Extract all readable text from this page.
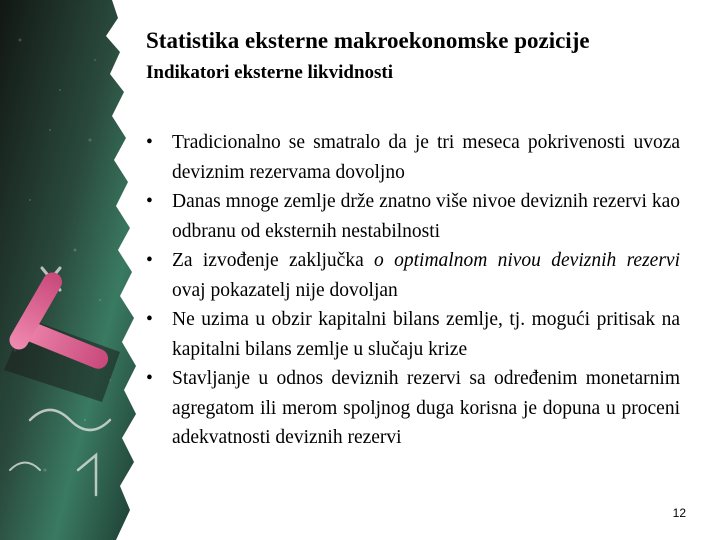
Statistika eksterne makroekonomske pozicije
Indikatori eksterne likvidnosti
• Tradicionalno se smatralo da je tri meseca pokrivenosti uvoza deviznim rezervama dovoljno
• Danas mnoge zemlje drže znatno više nivoe deviznih rezervi kao odbranu od eksternih nestabilnosti
• Za izvođenje zaključka o optimalnom nivou deviznih rezervi ovaj pokazatelj nije dovoljan
• Ne uzima u obzir kapitalni bilans zemlje, tj. mogući pritisak na kapitalni bilans zemlje u slučaju krize
• Stavljanje u odnos deviznih rezervi sa određenim monetarnim agregatom ili merom spoljnog duga korisna je dopuna u proceni adekvatnosti deviznih rezervi
12
